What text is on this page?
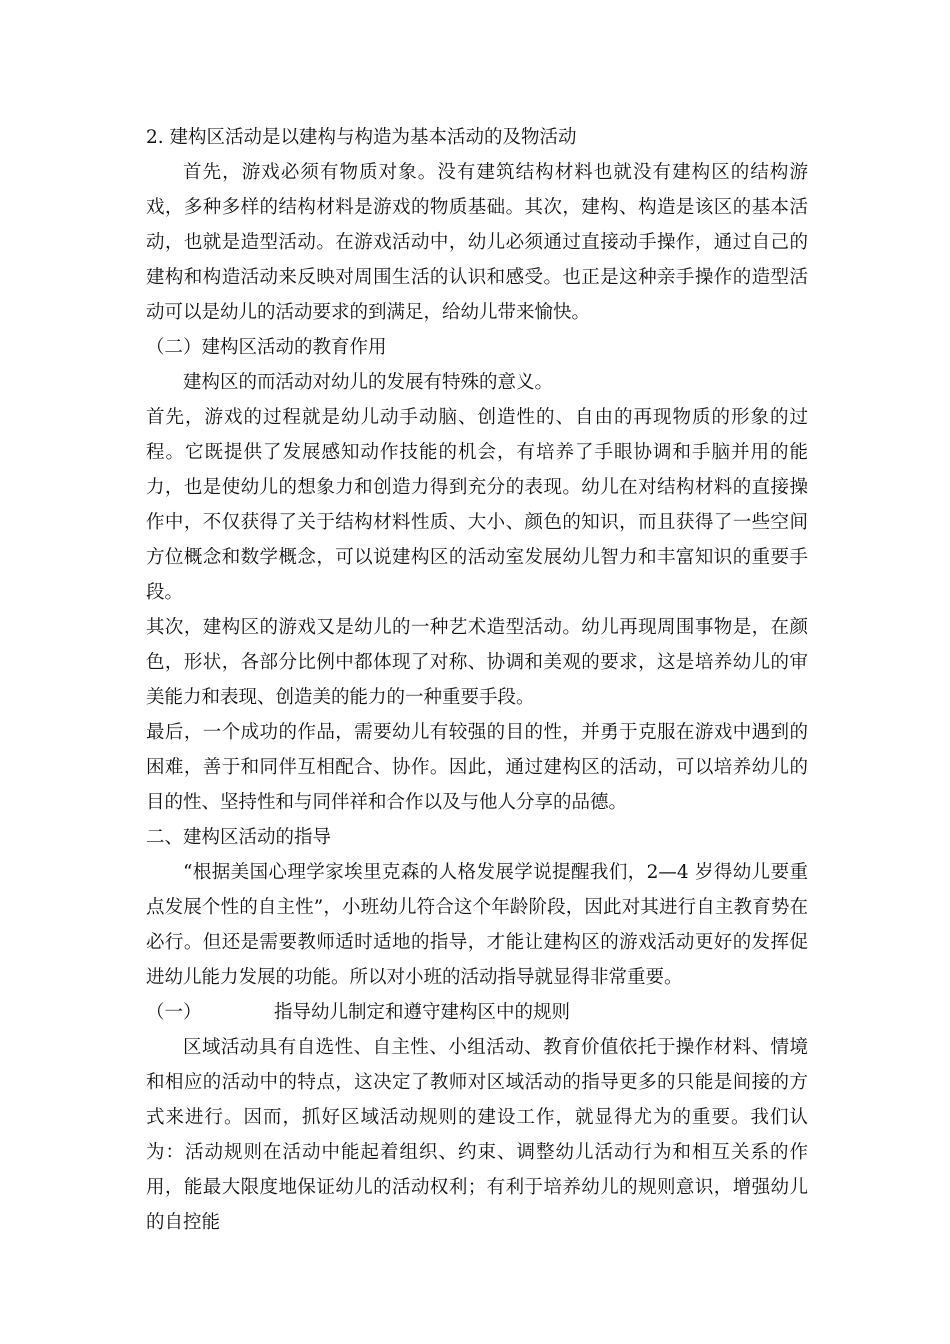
2. 建构区活动是以建构与构造为基本活动的及物活动

首先，游戏必须有物质对象。没有建筑结构材料也就没有建构区的结构游戏，多种多样的结构材料是游戏的物质基础。其次，建构、构造是该区的基本活动，也就是造型活动。在游戏活动中，幼儿必须通过直接动手操作，通过自己的建构和构造活动来反映对周围生活的认识和感受。也正是这种亲手操作的造型活动可以是幼儿的活动要求的到满足，给幼儿带来愉快。

（二）建构区活动的教育作用

建构区的而活动对幼儿的发展有特殊的意义。

首先，游戏的过程就是幼儿动手动脑、创造性的、自由的再现物质的形象的过程。它既提供了发展感知动作技能的机会，有培养了手眼协调和手脑并用的能力，也是使幼儿的想象力和创造力得到充分的表现。幼儿在对结构材料的直接操作中，不仅获得了关于结构材料性质、大小、颜色的知识，而且获得了一些空间方位概念和数学概念，可以说建构区的活动室发展幼儿智力和丰富知识的重要手段。

其次，建构区的游戏又是幼儿的一种艺术造型活动。幼儿再现周围事物是，在颜色，形状，各部分比例中都体现了对称、协调和美观的要求，这是培养幼儿的审美能力和表现、创造美的能力的一种重要手段。

最后，一个成功的作品，需要幼儿有较强的目的性，并勇于克服在游戏中遇到的困难，善于和同伴互相配合、协作。因此，通过建构区的活动，可以培养幼儿的目的性、坚持性和与同伴祥和合作以及与他人分享的品德。

二、建构区活动的指导

“根据美国心理学家埃里克森的人格发展学说提醒我们，2—4 岁得幼儿要重点发展个性的自主性”，小班幼儿符合这个年龄阶段，因此对其进行自主教育势在必行。但还是需要教师适时适地的指导，才能让建构区的游戏活动更好的发挥促进幼儿能力发展的功能。所以对小班的活动指导就显得非常重要。

（一）	指导幼儿制定和遵守建构区中的规则

区域活动具有自选性、自主性、小组活动、教育价值依托于操作材料、情境和相应的活动中的特点，这决定了教师对区域活动的指导更多的只能是间接的方式来进行。因而，抓好区域活动规则的建设工作，就显得尤为的重要。我们认为：活动规则在活动中能起着组织、约束、调整幼儿活动行为和相互关系的作用，能最大限度地保证幼儿的活动权利；有利于培养幼儿的规则意识，增强幼儿的自控能
